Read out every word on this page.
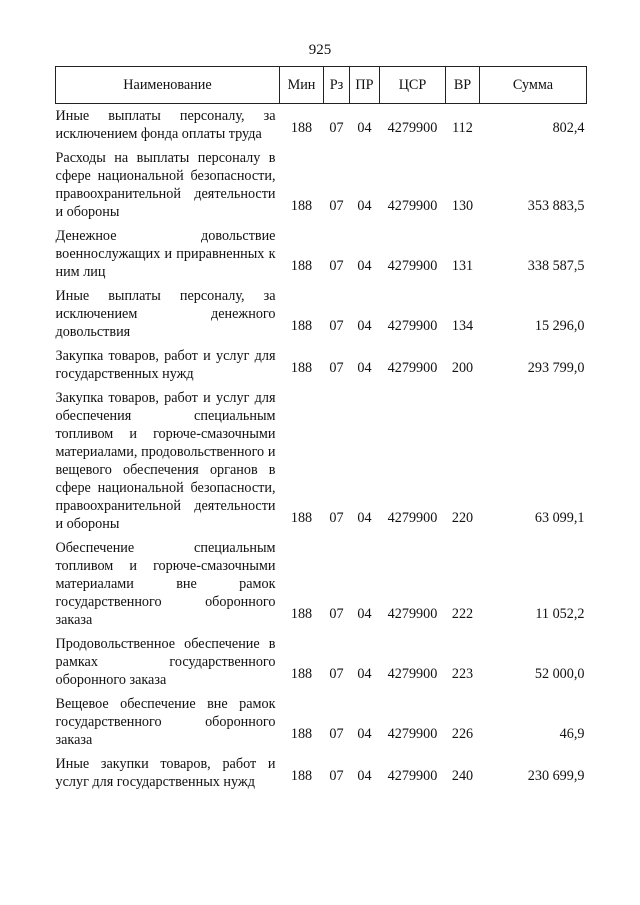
925
Наименование	Мин	Рз	ПР	ЦСР	ВР	Сумма
Иные выплаты персоналу, за исключением фонда оплаты труда	188	07	04	4279900	112	802,4
Расходы на выплаты персоналу в сфере национальной безопасности, правоохранительной деятельности и обороны	188	07	04	4279900	130	353 883,5
Денежное довольствие военнослужащих и приравненных к ним лиц	188	07	04	4279900	131	338 587,5
Иные выплаты персоналу, за исключением денежного довольствия	188	07	04	4279900	134	15 296,0
Закупка товаров, работ и услуг для государственных нужд	188	07	04	4279900	200	293 799,0
Закупка товаров, работ и услуг для обеспечения специальным топливом и горюче-смазочными материалами, продовольственного и вещевого обеспечения органов в сфере национальной безопасности, правоохранительной деятельности и обороны	188	07	04	4279900	220	63 099,1
Обеспечение специальным топливом и горюче-смазочными материалами вне рамок государственного оборонного заказа	188	07	04	4279900	222	11 052,2
Продовольственное обеспечение в рамках государственного оборонного заказа	188	07	04	4279900	223	52 000,0
Вещевое обеспечение вне рамок государственного оборонного заказа	188	07	04	4279900	226	46,9
Иные закупки товаров, работ и услуг для государственных нужд	188	07	04	4279900	240	230 699,9
